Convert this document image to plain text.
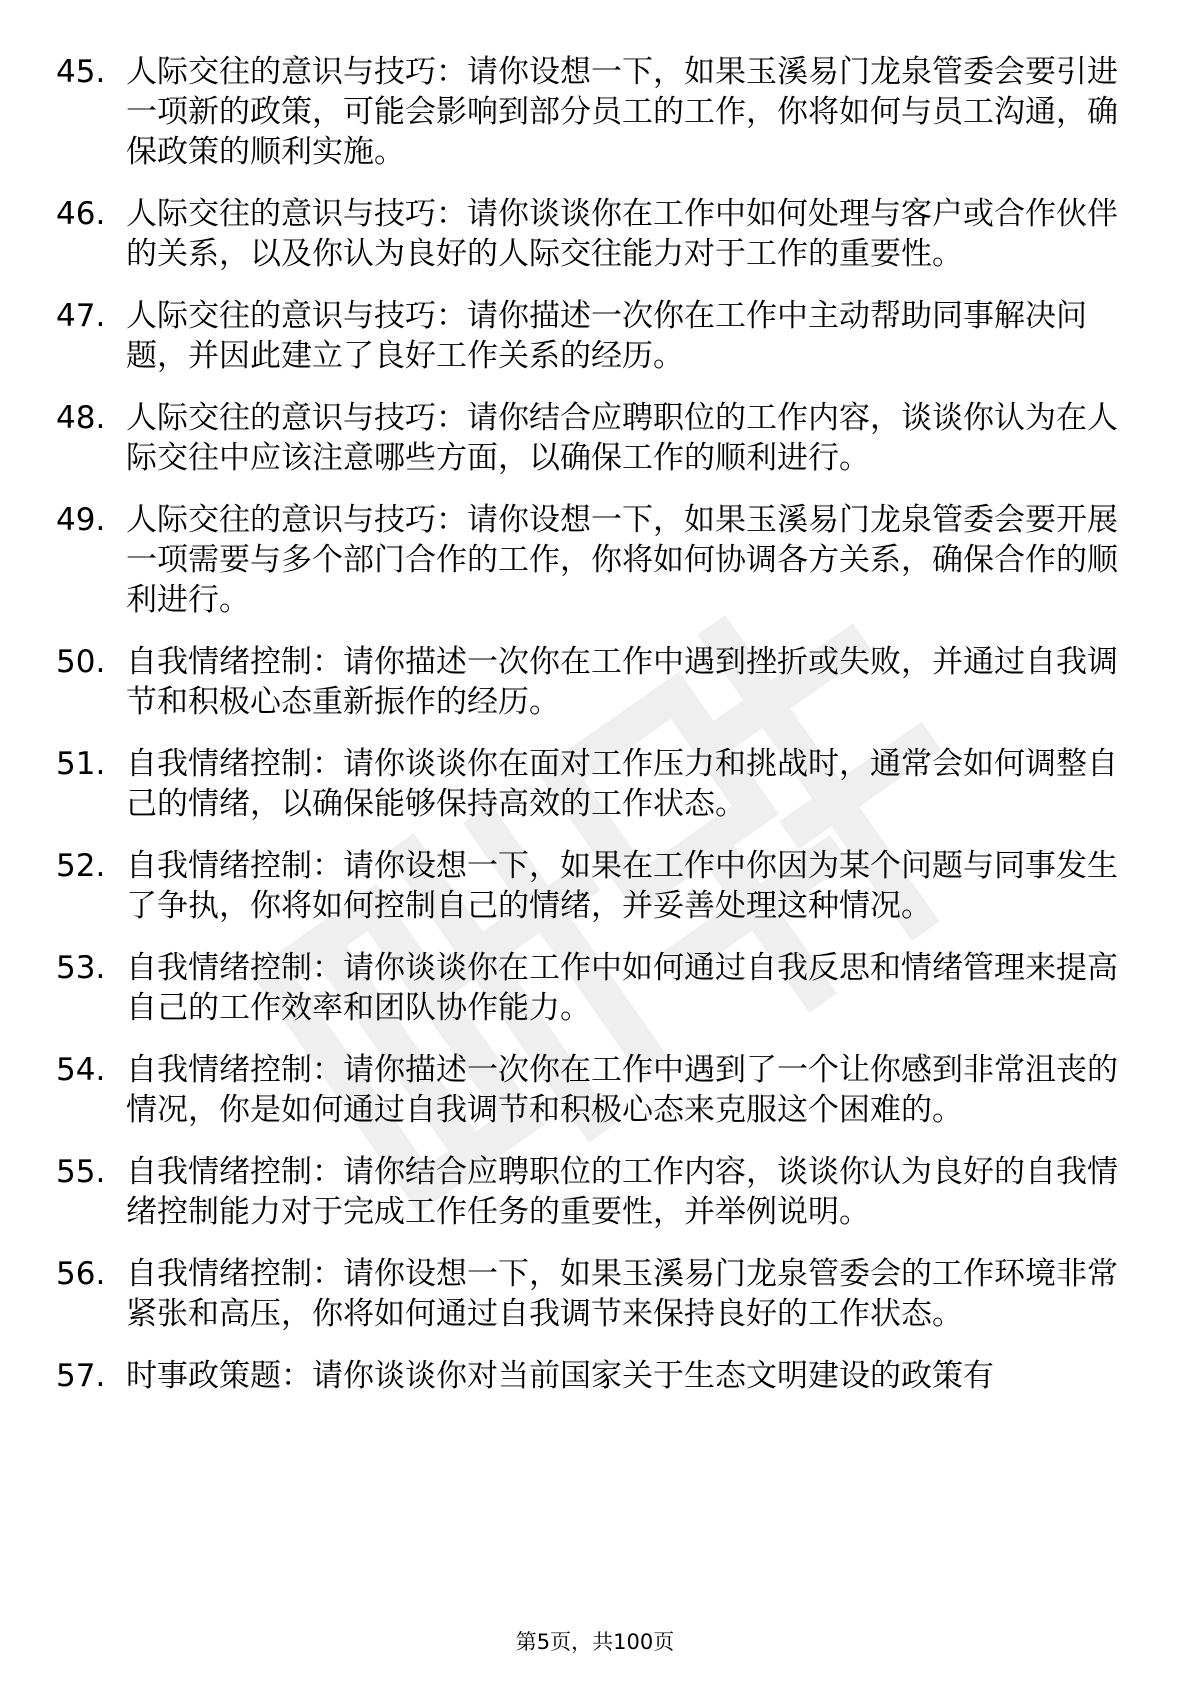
45. 人际交往的意识与技巧：请你设想一下，如果玉溪易门龙泉管委会要引进一项新的政策，可能会影响到部分员工的工作，你将如何与员工沟通，确保政策的顺利实施。
46. 人际交往的意识与技巧：请你谈谈你在工作中如何处理与客户或合作伙伴的关系，以及你认为良好的人际交往能力对于工作的重要性。
47. 人际交往的意识与技巧：请你描述一次你在工作中主动帮助同事解决问题，并因此建立了良好工作关系的经历。
48. 人际交往的意识与技巧：请你结合应聘职位的工作内容，谈谈你认为在人际交往中应该注意哪些方面，以确保工作的顺利进行。
49. 人际交往的意识与技巧：请你设想一下，如果玉溪易门龙泉管委会要开展一项需要与多个部门合作的工作，你将如何协调各方关系，确保合作的顺利进行。
50. 自我情绪控制：请你描述一次你在工作中遇到挫折或失败，并通过自我调节和积极心态重新振作的经历。
51. 自我情绪控制：请你谈谈你在面对工作压力和挑战时，通常会如何调整自己的情绪，以确保能够保持高效的工作状态。
52. 自我情绪控制：请你设想一下，如果在工作中你因为某个问题与同事发生了争执，你将如何控制自己的情绪，并妥善处理这种情况。
53. 自我情绪控制：请你谈谈你在工作中如何通过自我反思和情绪管理来提高自己的工作效率和团队协作能力。
54. 自我情绪控制：请你描述一次你在工作中遇到了一个让你感到非常沮丧的情况，你是如何通过自我调节和积极心态来克服这个困难的。
55. 自我情绪控制：请你结合应聘职位的工作内容，谈谈你认为良好的自我情绪控制能力对于完成工作任务的重要性，并举例说明。
56. 自我情绪控制：请你设想一下，如果玉溪易门龙泉管委会的工作环境非常紧张和高压，你将如何通过自我调节来保持良好的工作状态。
57. 时事政策题：请你谈谈你对当前国家关于生态文明建设的政策有
第5页，共100页
